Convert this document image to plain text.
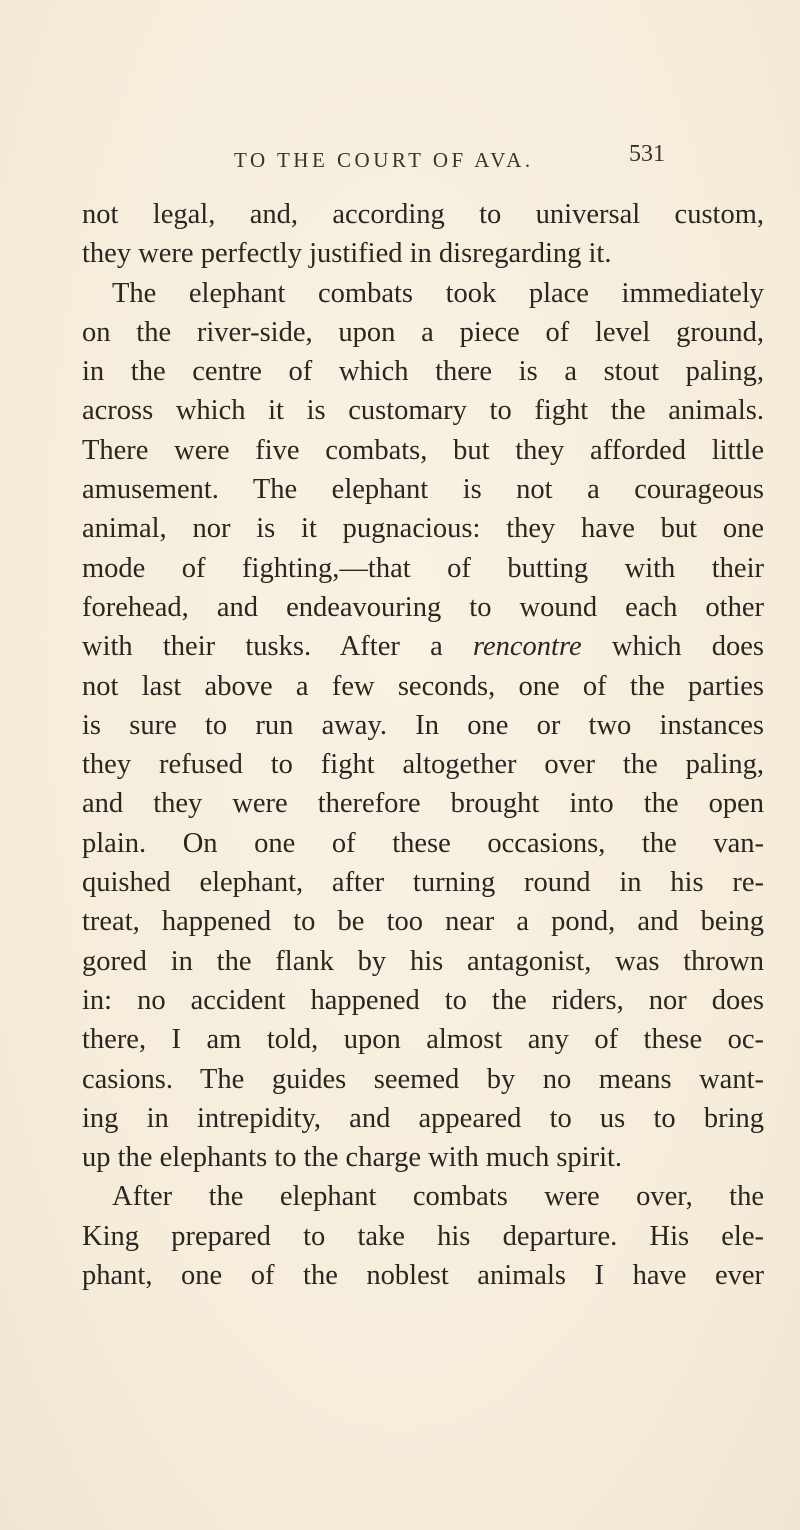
TO THE COURT OF AVA.	531
not legal, and, according to universal custom,
they were perfectly justified in disregarding it.
The elephant combats took place immediately
on the river-side, upon a piece of level ground,
in the centre of which there is a stout paling,
across which it is customary to fight the animals.
There were five combats, but they afforded little
amusement. The elephant is not a courageous
animal, nor is it pugnacious: they have but one
mode of fighting,—that of butting with their
forehead, and endeavouring to wound each other
with their tusks. After a rencontre which does
not last above a few seconds, one of the parties
is sure to run away. In one or two instances
they refused to fight altogether over the paling,
and they were therefore brought into the open
plain. On one of these occasions, the van-
quished elephant, after turning round in his re-
treat, happened to be too near a pond, and being
gored in the flank by his antagonist, was thrown
in: no accident happened to the riders, nor does
there, I am told, upon almost any of these oc-
casions. The guides seemed by no means want-
ing in intrepidity, and appeared to us to bring
up the elephants to the charge with much spirit.
After the elephant combats were over, the
King prepared to take his departure. His ele-
phant, one of the noblest animals I have ever
